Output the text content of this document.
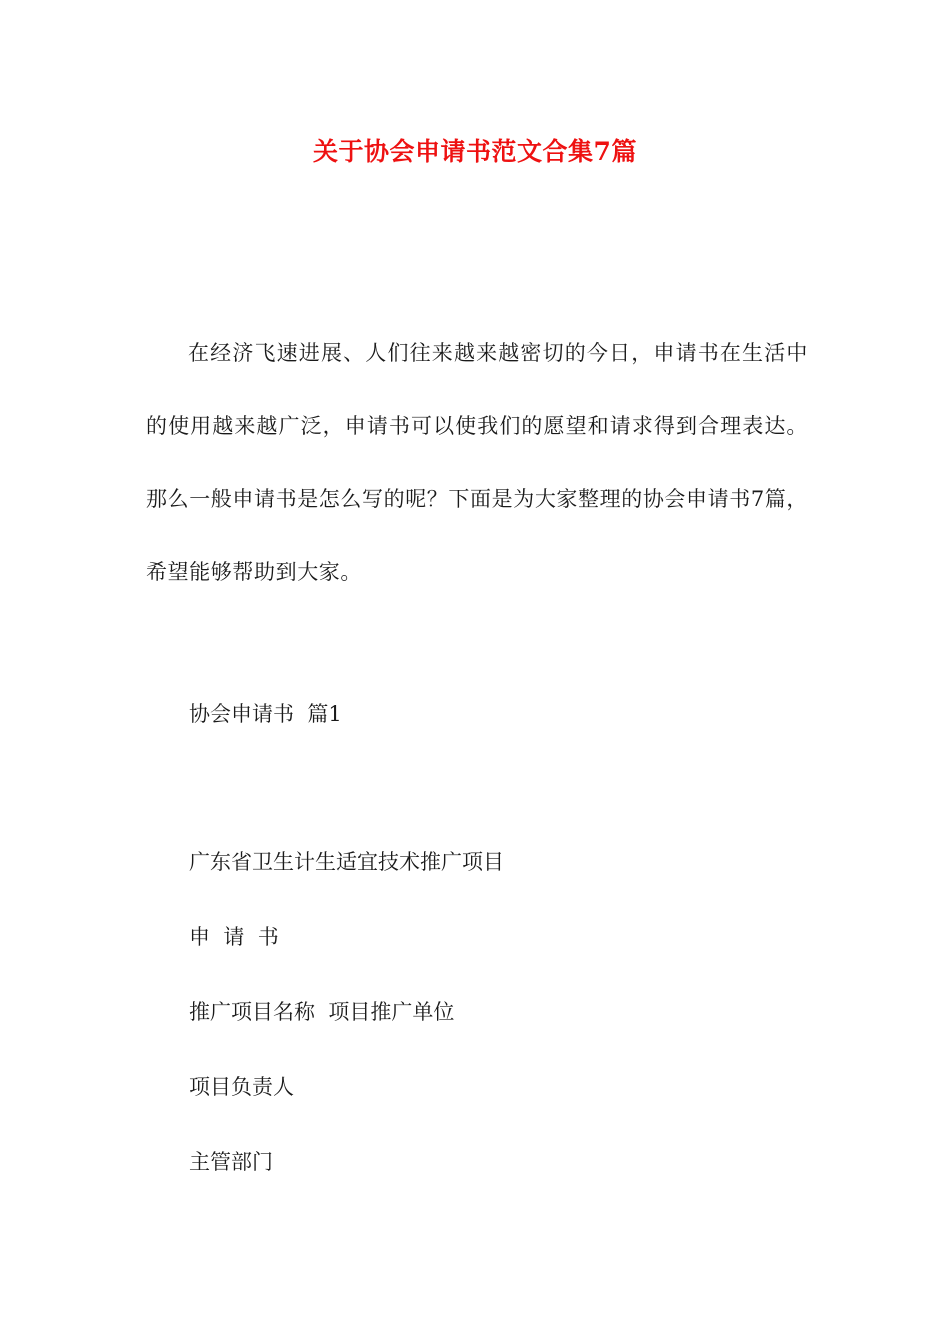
关于协会申请书范文合集7篇

在经济飞速进展、人们往来越来越密切的今日，申请书在生活中的使用越来越广泛，申请书可以使我们的愿望和请求得到合理表达。那么一般申请书是怎么写的呢？下面是为大家整理的协会申请书7篇，希望能够帮助到大家。

协会申请书  篇1
广东省卫生计生适宜技术推广项目
申  请  书
推广项目名称  项目推广单位
项目负责人
主管部门
